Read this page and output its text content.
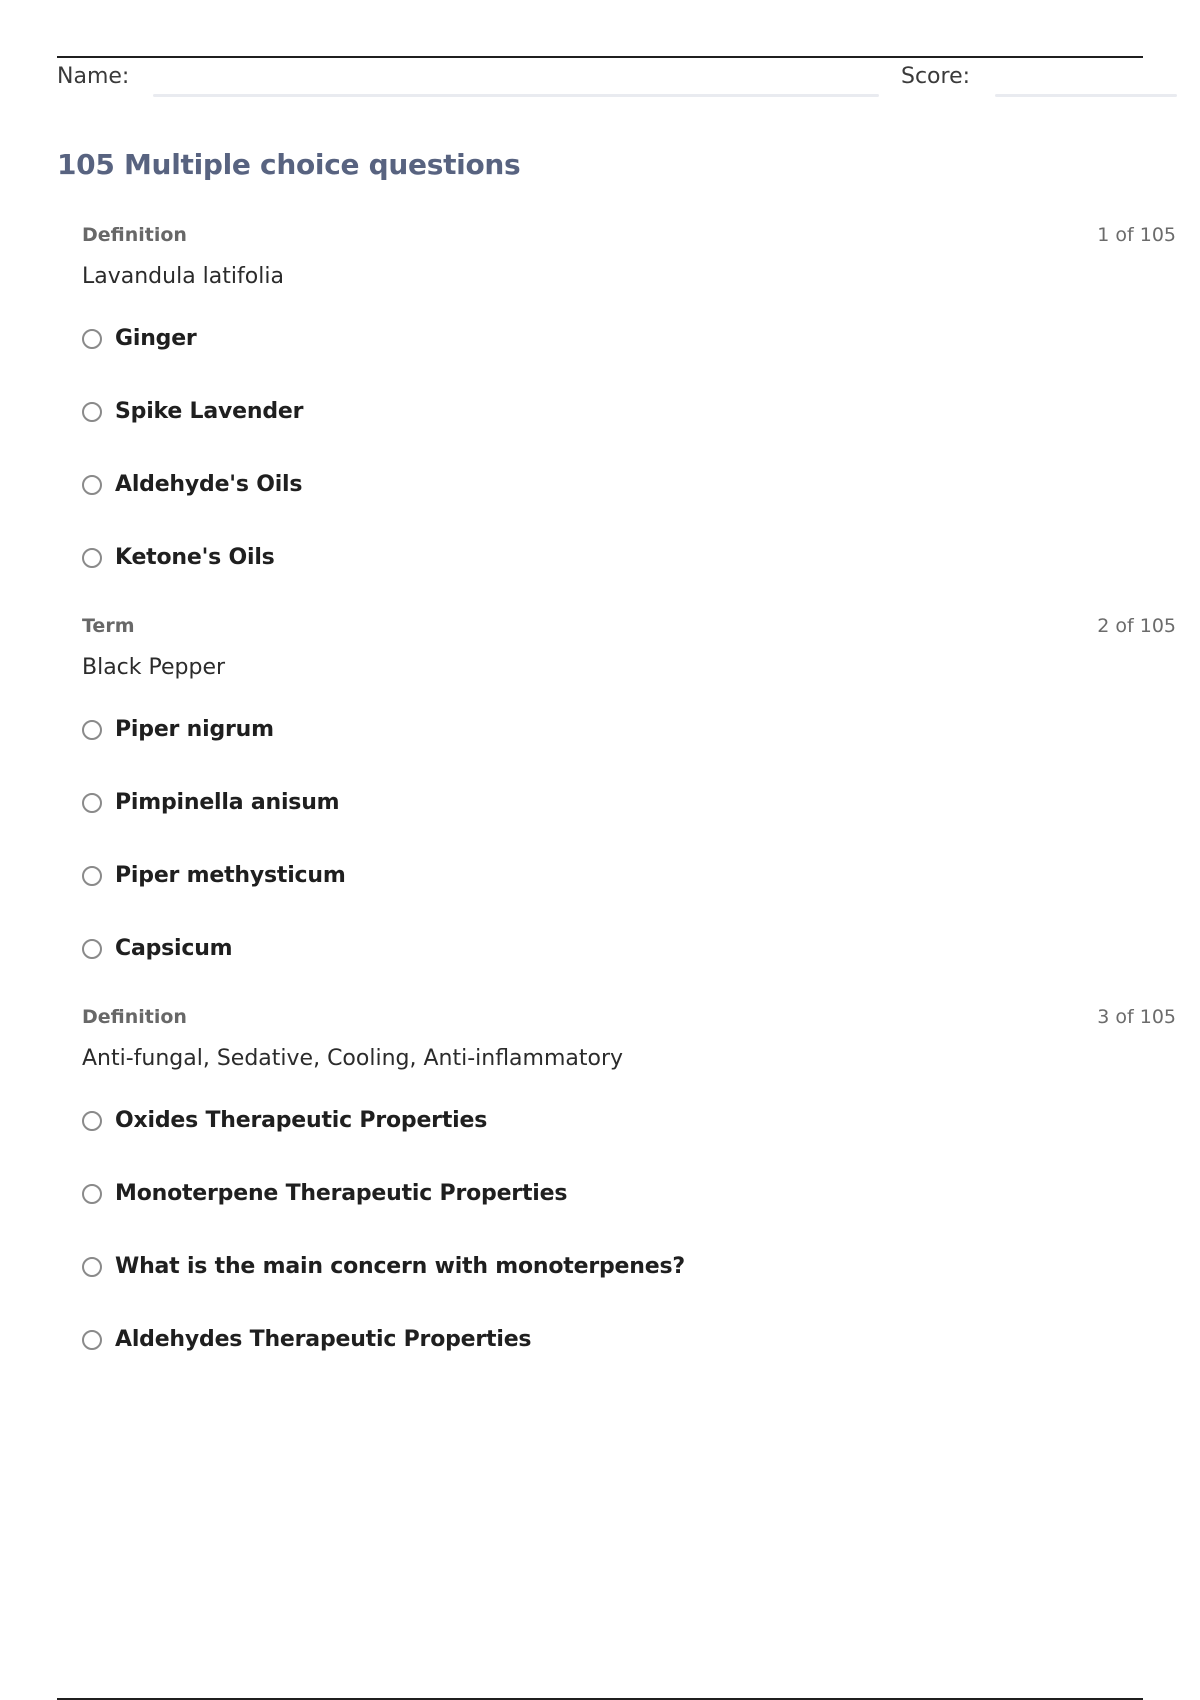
Name:	Score:
105 Multiple choice questions
Definition	1 of 105
Lavandula latifolia
Ginger
Spike Lavender
Aldehyde's Oils
Ketone's Oils
Term	2 of 105
Black Pepper
Piper nigrum
Pimpinella anisum
Piper methysticum
Capsicum
Definition	3 of 105
Anti-fungal, Sedative, Cooling, Anti-inflammatory
Oxides Therapeutic Properties
Monoterpene Therapeutic Properties
What is the main concern with monoterpenes?
Aldehydes Therapeutic Properties
